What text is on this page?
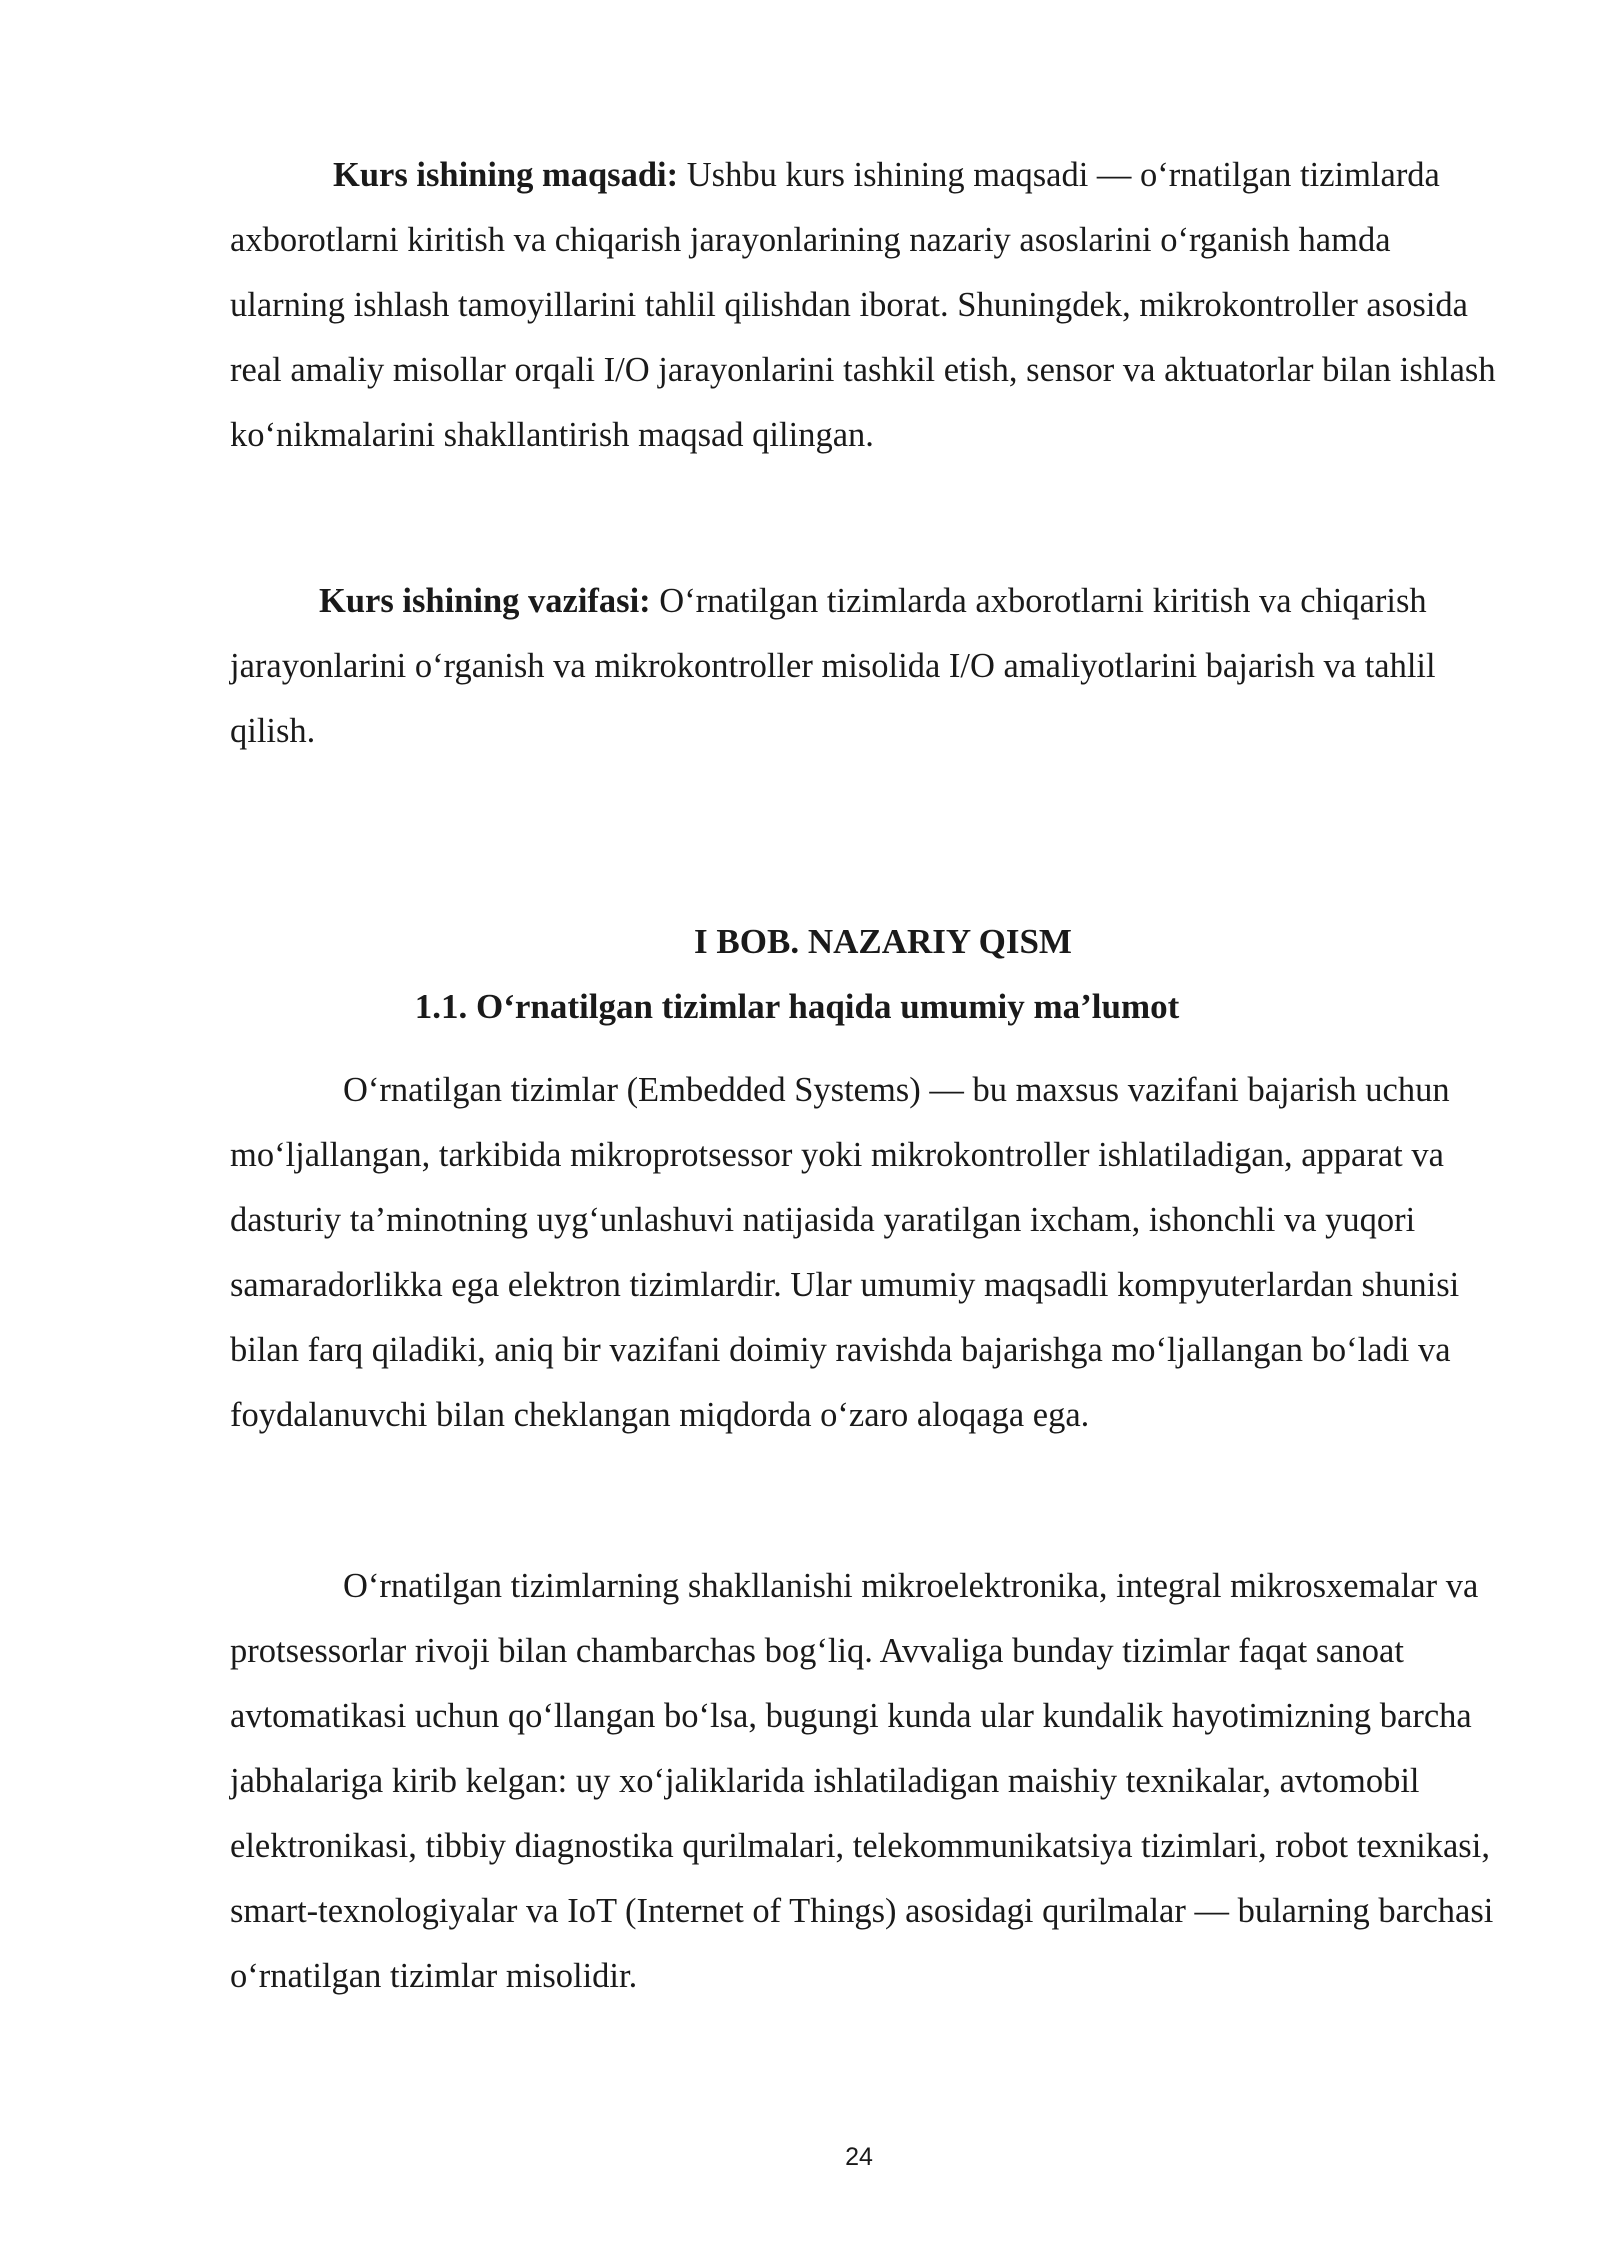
Kurs ishining maqsadi: Ushbu kurs ishining maqsadi — o‘rnatilgan tizimlarda axborotlarni kiritish va chiqarish jarayonlarining nazariy asoslarini o‘rganish hamda ularning ishlash tamoyillarini tahlil qilishdan iborat. Shuningdek, mikrokontroller asosida real amaliy misollar orqali I/O jarayonlarini tashkil etish, sensor va aktuatorlar bilan ishlash ko‘nikmalarini shakllantirish maqsad qilingan.

Kurs ishining vazifasi: O‘rnatilgan tizimlarda axborotlarni kiritish va chiqarish jarayonlarini o‘rganish va mikrokontroller misolida I/O amaliyotlarini bajarish va tahlil qilish.

I BOB. NAZARIY QISM
1.1. O‘rnatilgan tizimlar haqida umumiy ma’lumot

O‘rnatilgan tizimlar (Embedded Systems) — bu maxsus vazifani bajarish uchun mo‘ljallangan, tarkibida mikroprotsessor yoki mikrokontroller ishlatiladigan, apparat va dasturiy ta’minotning uyg‘unlashuvi natijasida yaratilgan ixcham, ishonchli va yuqori samaradorlikka ega elektron tizimlardir. Ular umumiy maqsadli kompyuterlardan shunisi bilan farq qiladiki, aniq bir vazifani doimiy ravishda bajarishga mo‘ljallangan bo‘ladi va foydalanuvchi bilan cheklangan miqdorda o‘zaro aloqaga ega.

O‘rnatilgan tizimlarning shakllanishi mikroelektronika, integral mikrosxemalar va protsessorlar rivoji bilan chambarchas bog‘liq. Avvaliga bunday tizimlar faqat sanoat avtomatikasi uchun qo‘llangan bo‘lsa, bugungi kunda ular kundalik hayotimizning barcha jabhalariga kirib kelgan: uy xo‘jaliklarida ishlatiladigan maishiy texnikalar, avtomobil elektronikasi, tibbiy diagnostika qurilmalari, telekommunikatsiya tizimlari, robot texnikasi, smart-texnologiyalar va IoT (Internet of Things) asosidagi qurilmalar — bularning barchasi o‘rnatilgan tizimlar misolidir.

24
